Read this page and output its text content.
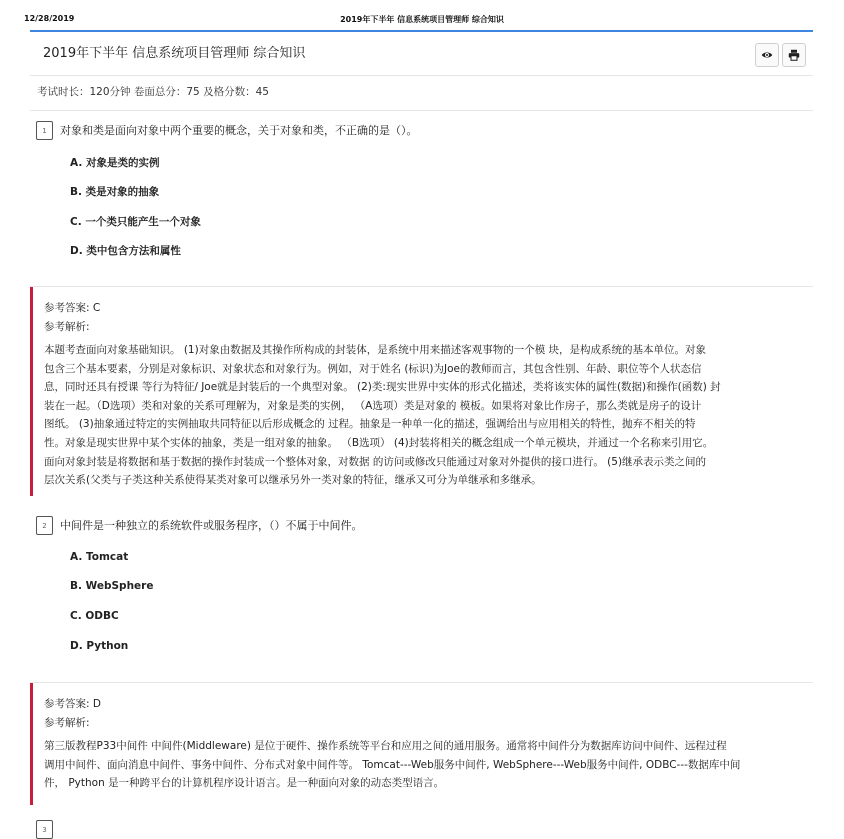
12/28/2019	2019年下半年 信息系统项目管理师 综合知识
2019年下半年 信息系统项目管理师 综合知识
考试时长：120分钟 卷面总分：75 及格分数：45
1	对象和类是面向对象中两个重要的概念，关于对象和类，不正确的是（）。
A. 对象是类的实例
B. 类是对象的抽象
C. 一个类只能产生一个对象
D. 类中包含方法和属性
参考答案: C
参考解析:
本题考查面向对象基础知识。 (1)对象由数据及其操作所构成的封装体，是系统中用来描述客观事物的一个模 块，是构成系统的基本单位。对象
包含三个基本要素，分别是对象标识、对象状态和对象行为。例如，对于姓名 (标识)为Joe的教师而言，其包含性别、年龄、职位等个人状态信
息，同时还具有授课 等行为特征/ Joe就是封装后的一个典型对象。 (2)类:现实世界中实体的形式化描述，类将该实体的属性(数据)和操作(函数) 封
装在一起。（D选项）类和对象的关系可理解为，对象是类的实例， （A选项）类是对象的 模板。如果将对象比作房子，那么类就是房子的设计
图纸。 (3)抽象通过特定的实例抽取共同特征以后形成概念的 过程。抽象是一种单一化的描述，强调给出与应用相关的特性，抛弃不相关的特
性。对象是现实世界中某个实体的抽象，类是一组对象的抽象。 （B选项） (4)封装将相关的概念组成一个单元模块，并通过一个名称来引用它。
面向对象封装是将数据和基于数据的操作封装成一个整体对象，对数据 的访问或修改只能通过对象对外提供的接口进行。 (5)继承表示类之间的
层次关系(父类与子类这种关系使得某类对象可以继承另外一类对象的特征，继承又可分为单继承和多继承。
2	中间件是一种独立的系统软件或服务程序，（）不属于中间件。
A. Tomcat
B. WebSphere
C. ODBC
D. Python
参考答案: D
参考解析:
第三版教程P33中间件 中间件(Middleware) 是位于硬件、操作系统等平台和应用之间的通用服务。通常将中间件分为数据库访问中间件、远程过程
调用中间件、面向消息中间件、事务中间件、分布式对象中间件等。 Tomcat---Web服务中间件, WebSphere---Web服务中间件, ODBC---数据库中间
件， Python 是一种跨平台的计算机程序设计语言。是一种面向对象的动态类型语言。
3
